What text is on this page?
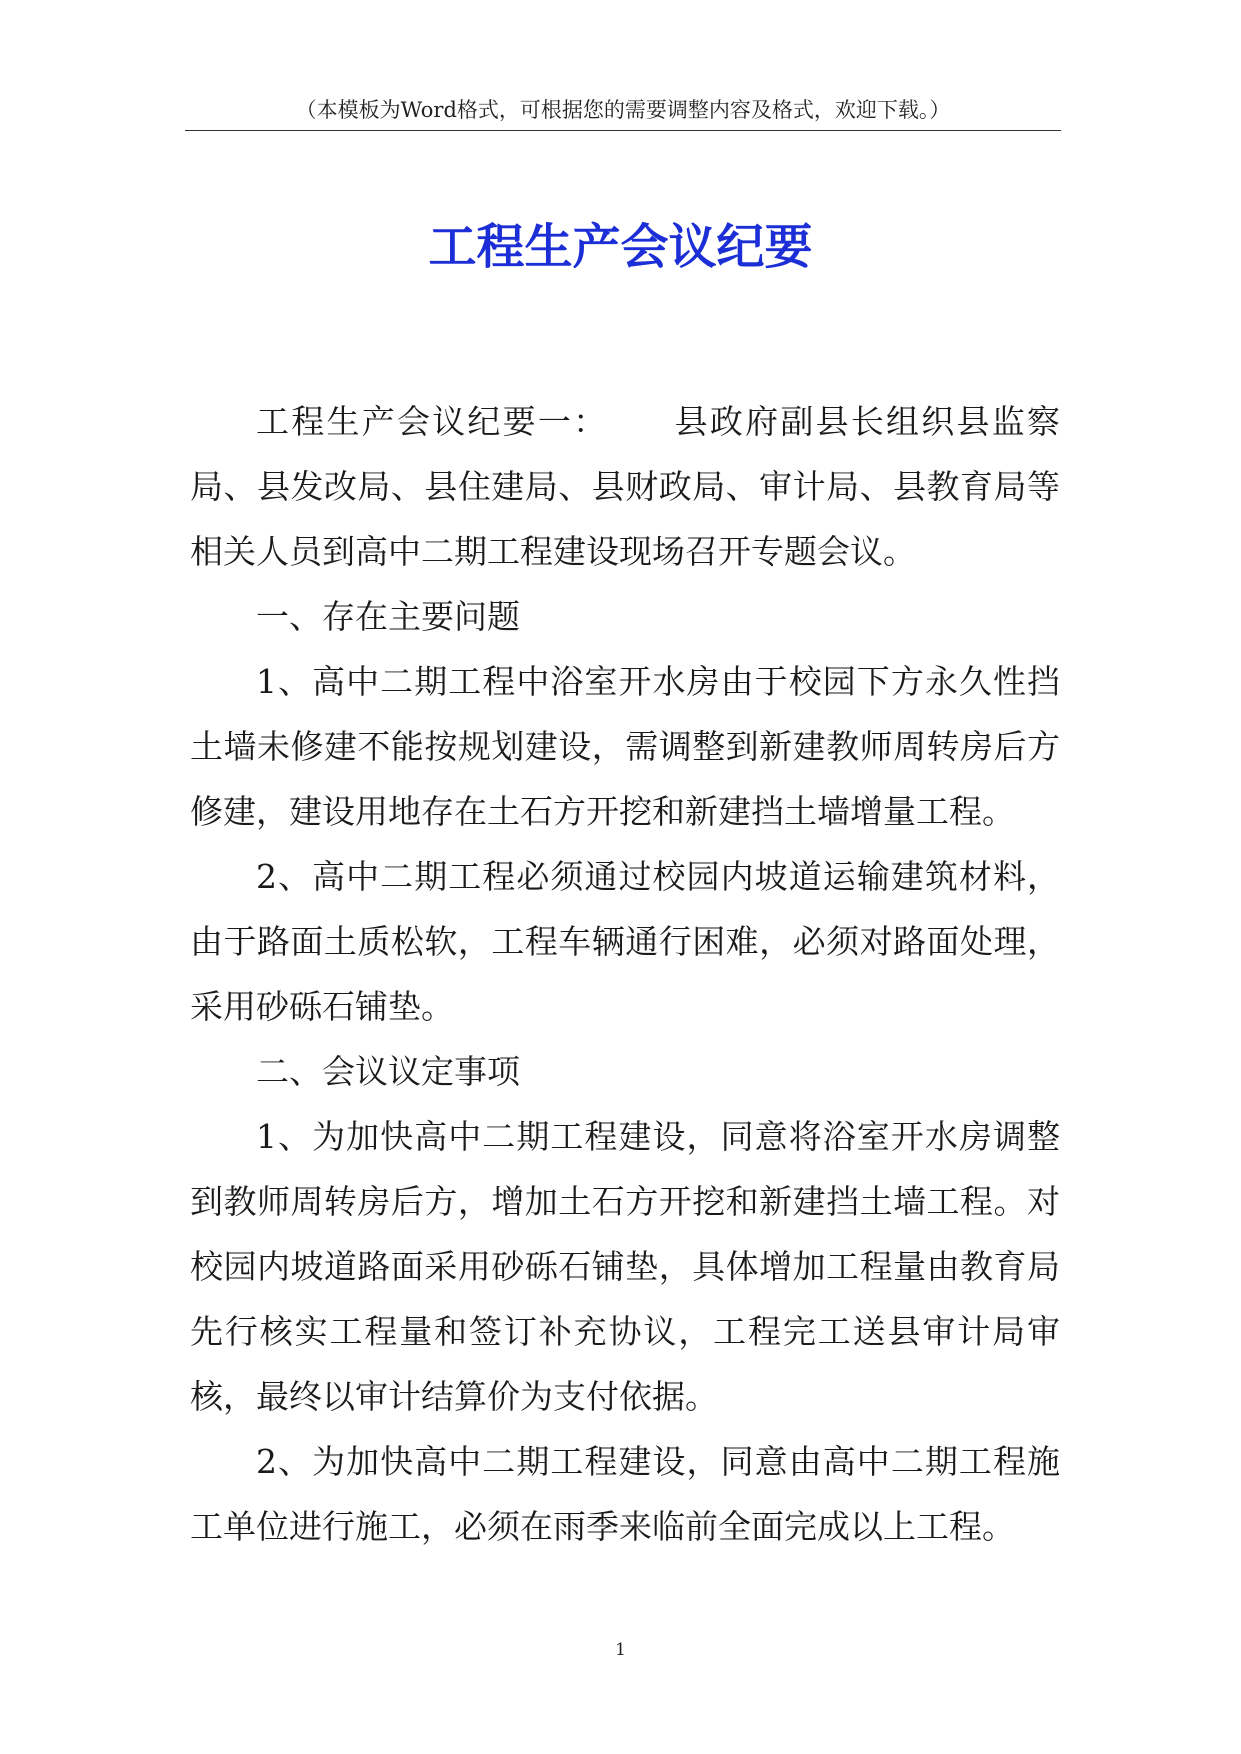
（本模板为Word格式，可根据您的需要调整内容及格式，欢迎下载。）
工程生产会议纪要

工程生产会议纪要一： 县政府副县长组织县监察局、县发改局、县住建局、县财政局、审计局、县教育局等相关人员到高中二期工程建设现场召开专题会议。

一、存在主要问题

1、高中二期工程中浴室开水房由于校园下方永久性挡土墙未修建不能按规划建设，需调整到新建教师周转房后方修建，建设用地存在土石方开挖和新建挡土墙增量工程。

2、高中二期工程必须通过校园内坡道运输建筑材料，由于路面土质松软，工程车辆通行困难，必须对路面处理，采用砂砾石铺垫。

二、会议议定事项

1、为加快高中二期工程建设，同意将浴室开水房调整到教师周转房后方，增加土石方开挖和新建挡土墙工程。对校园内坡道路面采用砂砾石铺垫，具体增加工程量由教育局先行核实工程量和签订补充协议，工程完工送县审计局审核，最终以审计结算价为支付依据。

2、为加快高中二期工程建设，同意由高中二期工程施工单位进行施工，必须在雨季来临前全面完成以上工程。

1
